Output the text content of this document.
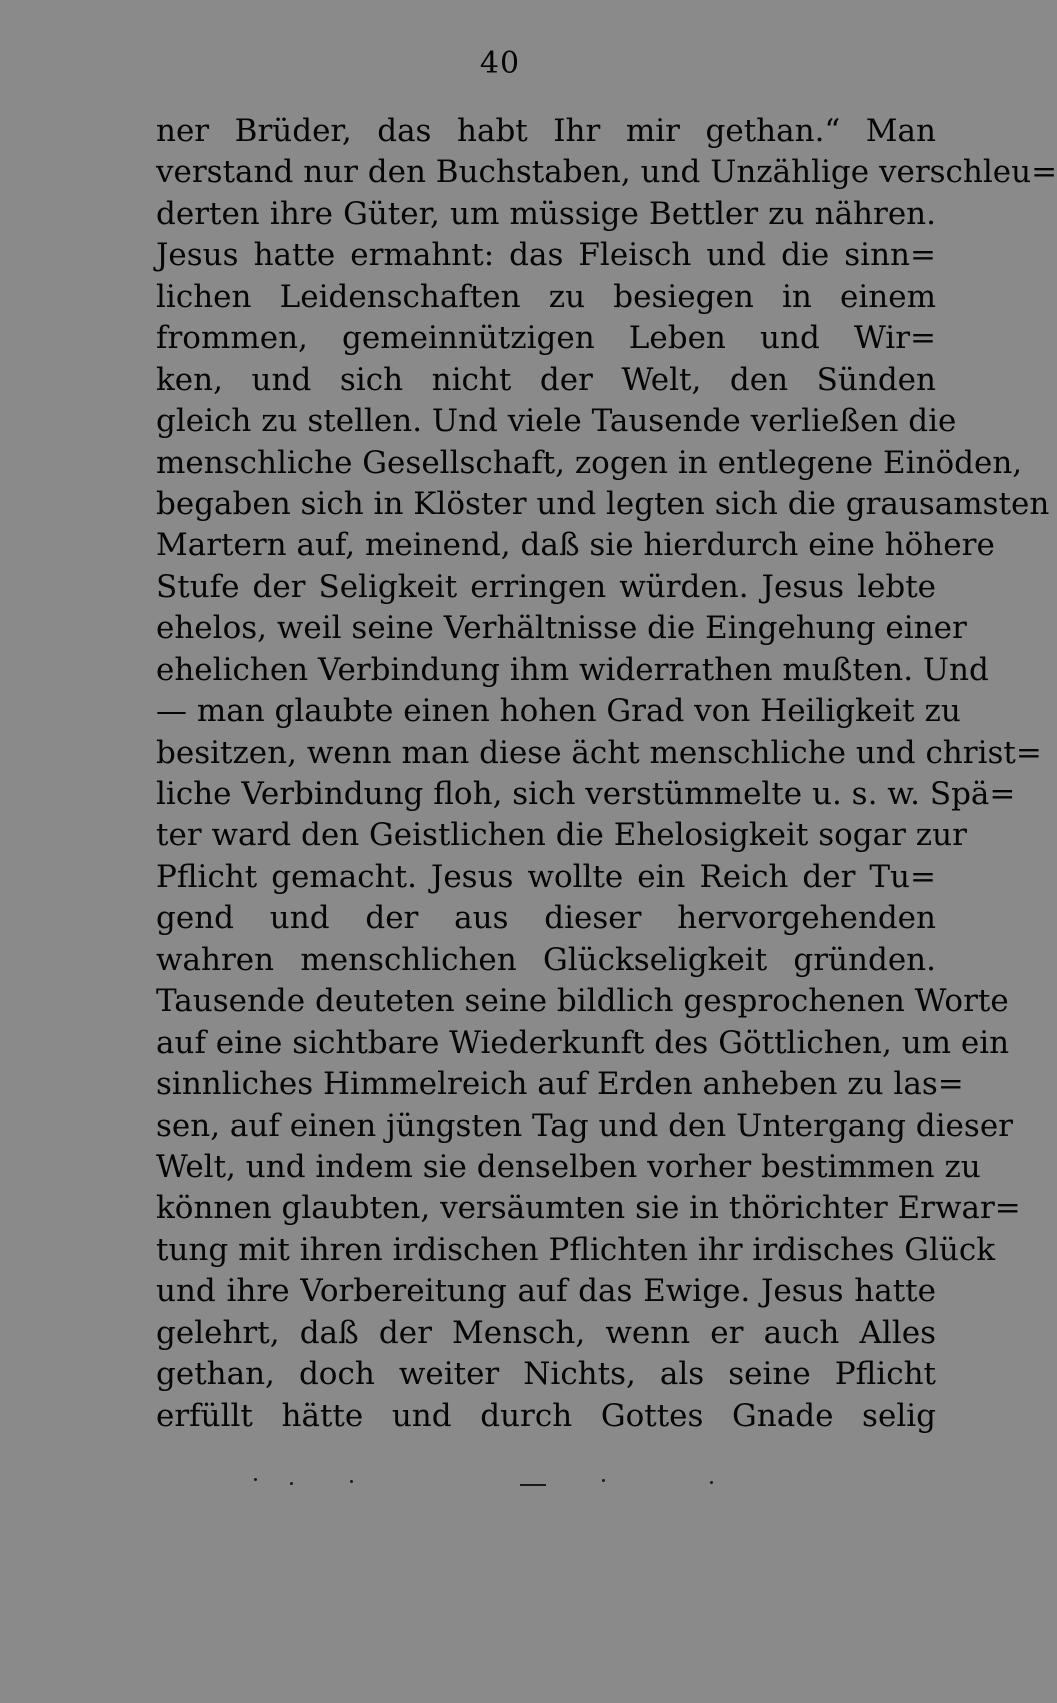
40
ner Brüder, das habt Ihr mir gethan.“ Man
verstand nur den Buchstaben, und Unzählige verschleu=
derten ihre Güter, um müssige Bettler zu nähren.
Jesus hatte ermahnt: das Fleisch und die sinn=
lichen Leidenschaften zu besiegen in einem
frommen, gemeinnützigen Leben und Wir=
ken, und sich nicht der Welt, den Sünden
gleich zu stellen. Und viele Tausende verließen die
menschliche Gesellschaft, zogen in entlegene Einöden,
begaben sich in Klöster und legten sich die grausamsten
Martern auf, meinend, daß sie hierdurch eine höhere
Stufe der Seligkeit erringen würden. Jesus lebte
ehelos, weil seine Verhältnisse die Eingehung einer
ehelichen Verbindung ihm widerrathen mußten. Und
— man glaubte einen hohen Grad von Heiligkeit zu
besitzen, wenn man diese ächt menschliche und christ=
liche Verbindung floh, sich verstümmelte u. s. w. Spä=
ter ward den Geistlichen die Ehelosigkeit sogar zur
Pflicht gemacht. Jesus wollte ein Reich der Tu=
gend und der aus dieser hervorgehenden
wahren menschlichen Glückseligkeit gründen.
Tausende deuteten seine bildlich gesprochenen Worte
auf eine sichtbare Wiederkunft des Göttlichen, um ein
sinnliches Himmelreich auf Erden anheben zu las=
sen, auf einen jüngsten Tag und den Untergang dieser
Welt, und indem sie denselben vorher bestimmen zu
können glaubten, versäumten sie in thörichter Erwar=
tung mit ihren irdischen Pflichten ihr irdisches Glück
und ihre Vorbereitung auf das Ewige. Jesus hatte
gelehrt, daß der Mensch, wenn er auch Alles
gethan, doch weiter Nichts, als seine Pflicht
erfüllt hätte und durch Gottes Gnade selig
